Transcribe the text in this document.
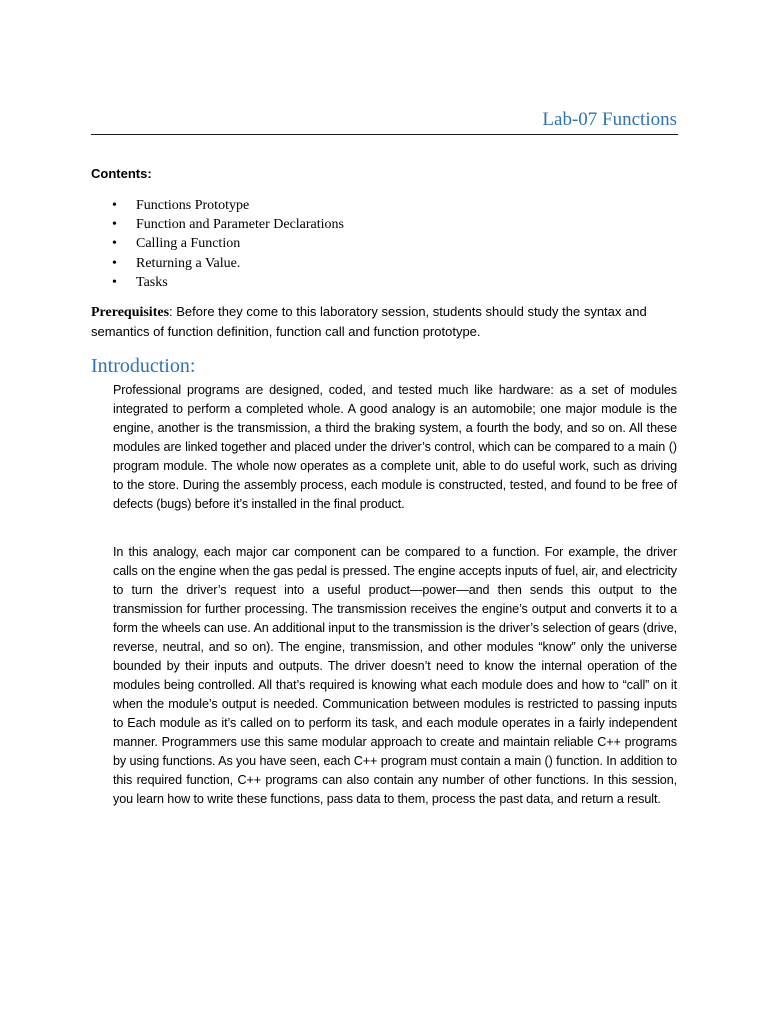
Lab-07 Functions
Contents:
• Functions Prototype
• Function and Parameter Declarations
• Calling a Function
• Returning a Value.
• Tasks

Prerequisites: Before they come to this laboratory session, students should study the syntax and semantics of function definition, function call and function prototype.

Introduction:

Professional programs are designed, coded, and tested much like hardware: as a set of modules integrated to perform a completed whole. A good analogy is an automobile; one major module is the engine, another is the transmission, a third the braking system, a fourth the body, and so on. All these modules are linked together and placed under the driver’s control, which can be compared to a main () program module. The whole now operates as a complete unit, able to do useful work, such as driving to the store. During the assembly process, each module is constructed, tested, and found to be free of defects (bugs) before it’s installed in the final product.

In this analogy, each major car component can be compared to a function. For example, the driver calls on the engine when the gas pedal is pressed. The engine accepts inputs of fuel, air, and electricity to turn the driver’s request into a useful product—power—and then sends this output to the transmission for further processing. The transmission receives the engine’s output and converts it to a form the wheels can use. An additional input to the transmission is the driver’s selection of gears (drive, reverse, neutral, and so on). The engine, transmission, and other modules “know” only the universe bounded by their inputs and outputs. The driver doesn’t need to know the internal operation of the modules being controlled. All that’s required is knowing what each module does and how to “call” on it when the module’s output is needed. Communication between modules is restricted to passing inputs to Each module as it’s called on to perform its task, and each module operates in a fairly independent manner. Programmers use this same modular approach to create and maintain reliable C++ programs by using functions. As you have seen, each C++ program must contain a main () function. In addition to this required function, C++ programs can also contain any number of other functions. In this session, you learn how to write these functions, pass data to them, process the past data, and return a result.
